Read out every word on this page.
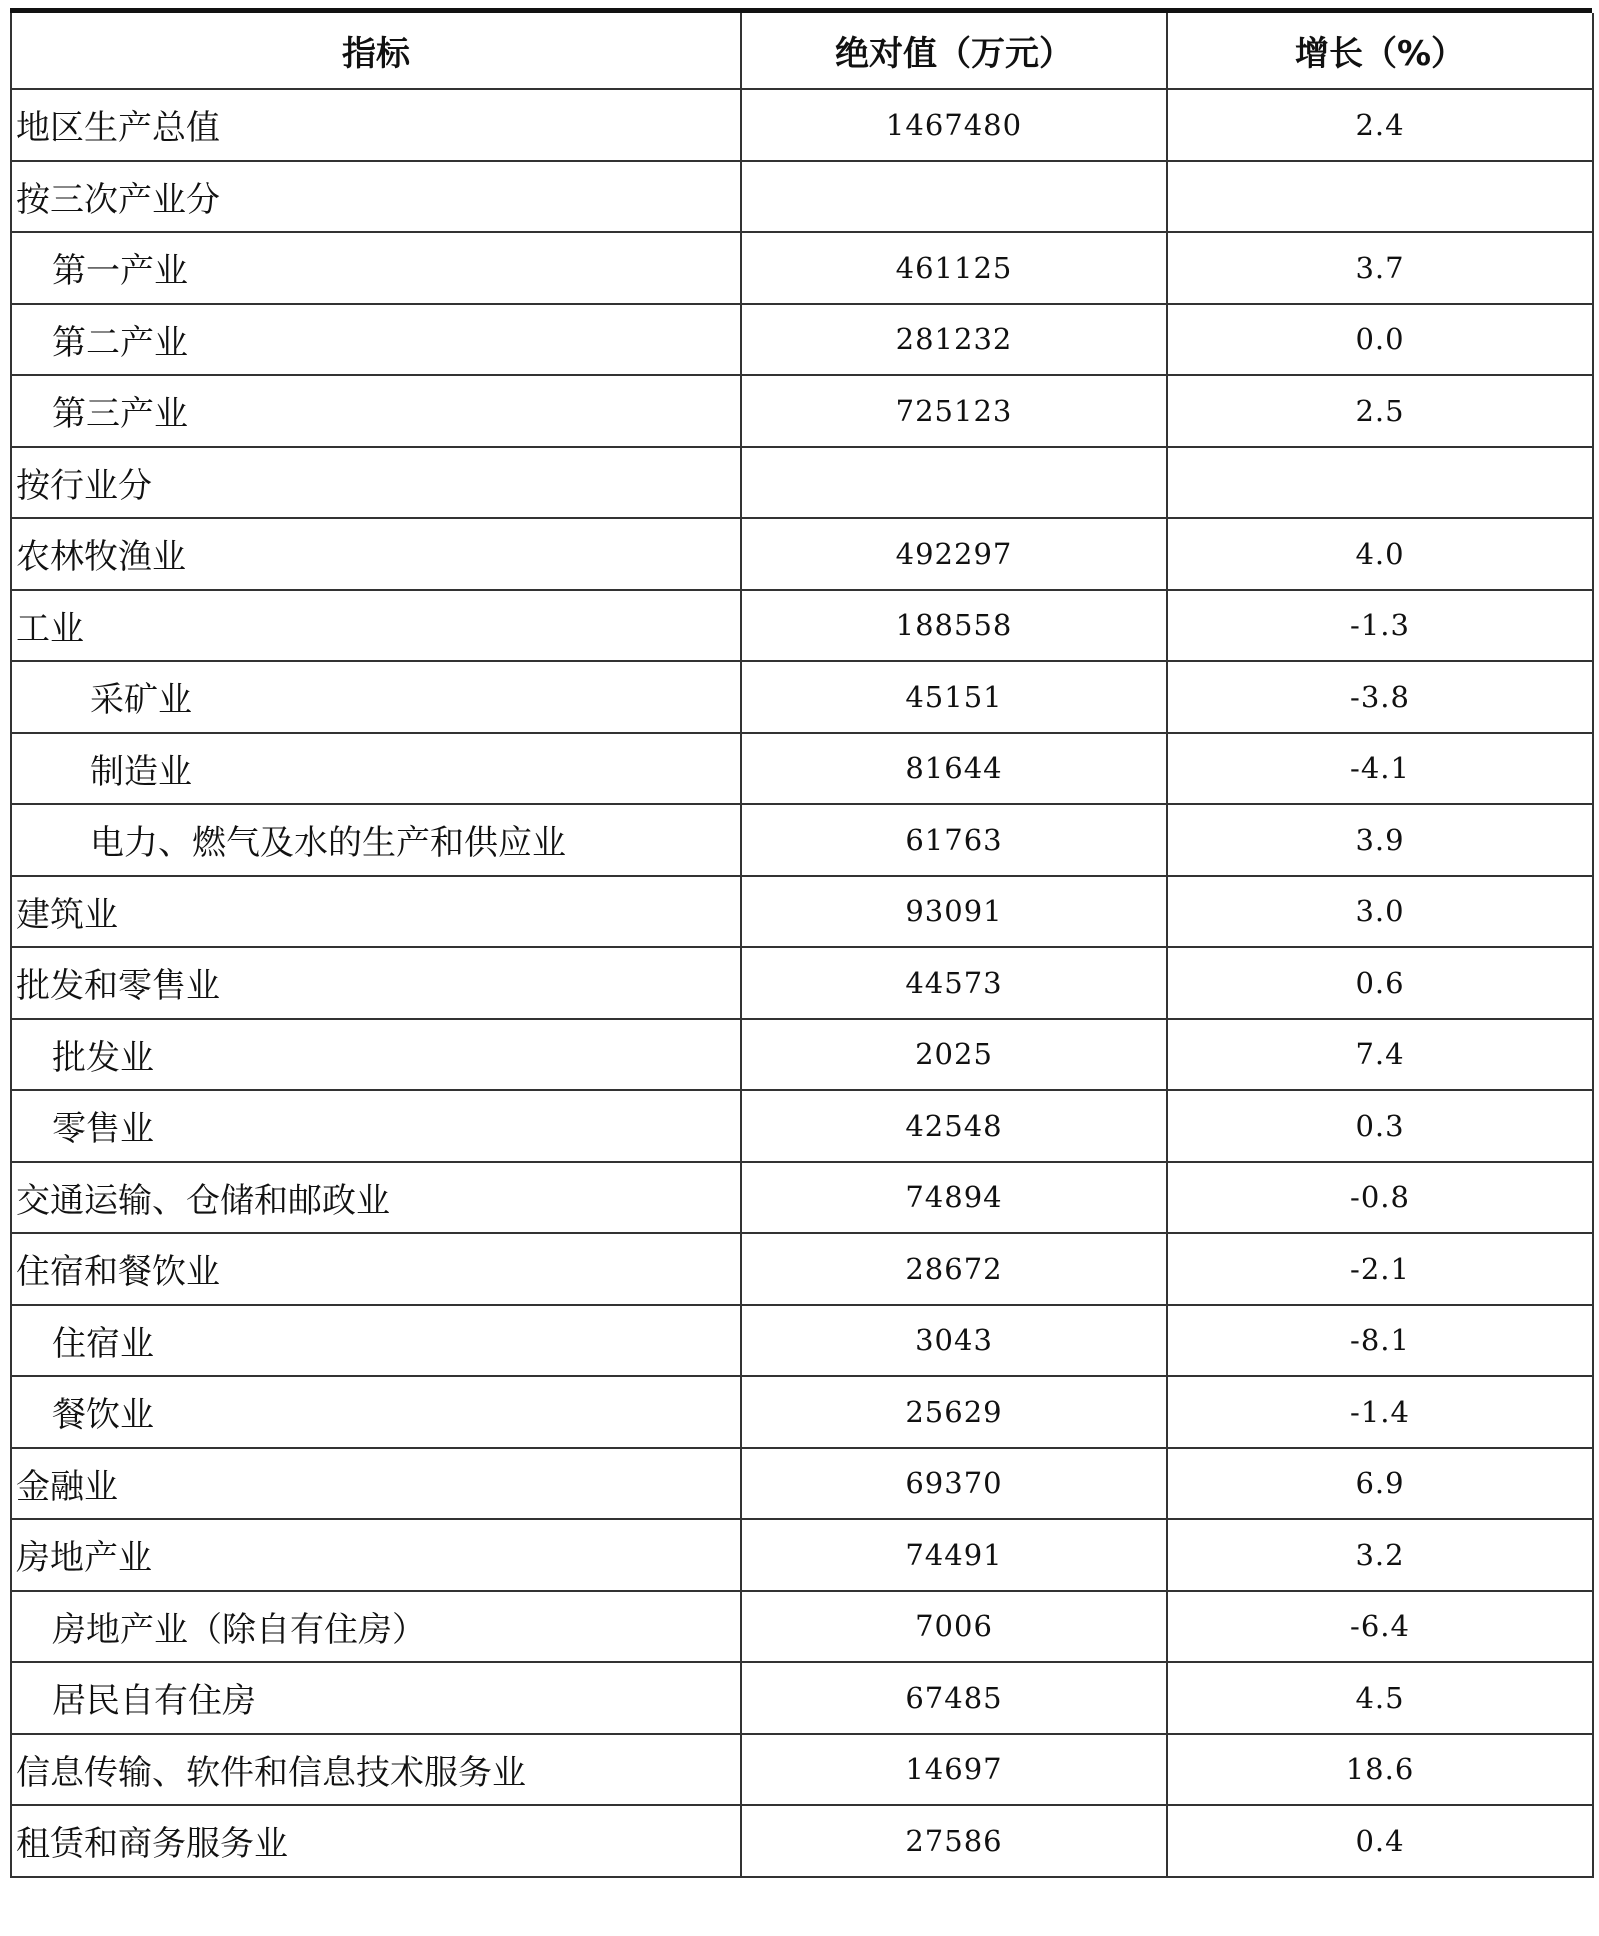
指标	绝对值（万元）	增长（%）
地区生产总值	1467480	2.4
按三次产业分		
第一产业	461125	3.7
第二产业	281232	0.0
第三产业	725123	2.5
按行业分		
农林牧渔业	492297	4.0
工业	188558	-1.3
采矿业	45151	-3.8
制造业	81644	-4.1
电力、燃气及水的生产和供应业	61763	3.9
建筑业	93091	3.0
批发和零售业	44573	0.6
批发业	2025	7.4
零售业	42548	0.3
交通运输、仓储和邮政业	74894	-0.8
住宿和餐饮业	28672	-2.1
住宿业	3043	-8.1
餐饮业	25629	-1.4
金融业	69370	6.9
房地产业	74491	3.2
房地产业（除自有住房）	7006	-6.4
居民自有住房	67485	4.5
信息传输、软件和信息技术服务业	14697	18.6
租赁和商务服务业	27586	0.4
